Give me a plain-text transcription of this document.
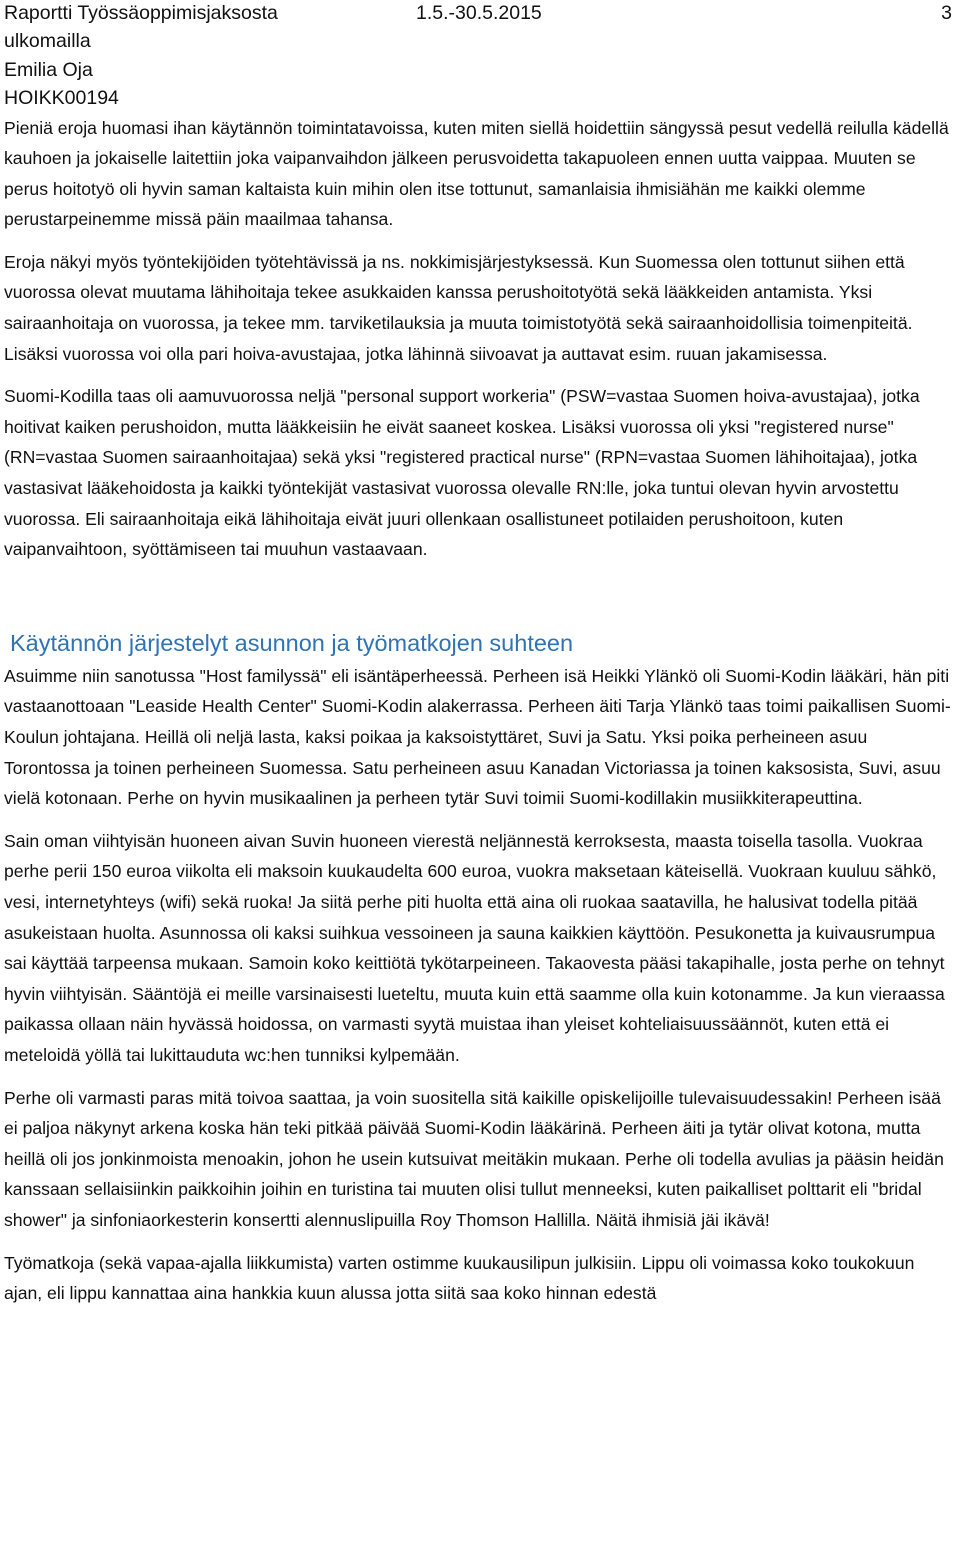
Raportti Työssäoppimisjaksosta	1.5.-30.5.2015	3

ulkomailla

Emilia Oja

HOIKK00194

Pieniä eroja huomasi ihan käytännön toimintatavoissa, kuten miten siellä hoidettiin sängyssä pesut vedellä reilulla kädellä kauhoen ja jokaiselle laitettiin joka vaipanvaihdon jälkeen perusvoidetta takapuoleen ennen uutta vaippaa. Muuten se perus hoitotyö oli hyvin saman kaltaista kuin mihin olen itse tottunut, samanlaisia ihmisiähän me kaikki olemme perustarpeinemme missä päin maailmaa tahansa.

Eroja näkyi myös työntekijöiden työtehtävissä ja ns. nokkimisjärjestyksessä. Kun Suomessa olen tottunut siihen että vuorossa olevat muutama lähihoitaja tekee asukkaiden kanssa perushoitotyötä sekä lääkkeiden antamista. Yksi sairaanhoitaja on vuorossa, ja tekee mm. tarviketilauksia ja muuta toimistotyötä sekä sairaanhoidollisia toimenpiteitä. Lisäksi vuorossa voi olla pari hoiva-avustajaa, jotka lähinnä siivoavat ja auttavat esim. ruuan jakamisessa.

Suomi-Kodilla taas oli aamuvuorossa neljä "personal support workeria" (PSW=vastaa Suomen hoiva-avustajaa), jotka hoitivat kaiken perushoidon, mutta lääkkeisiin he eivät saaneet koskea. Lisäksi vuorossa oli yksi "registered nurse" (RN=vastaa Suomen sairaanhoitajaa) sekä yksi "registered practical nurse" (RPN=vastaa Suomen lähihoitajaa), jotka vastasivat lääkehoidosta ja kaikki työntekijät vastasivat vuorossa olevalle RN:lle, joka tuntui olevan hyvin arvostettu vuorossa. Eli sairaanhoitaja eikä lähihoitaja eivät juuri ollenkaan osallistuneet potilaiden perushoitoon, kuten vaipanvaihtoon, syöttämiseen tai muuhun vastaavaan.

Käytännön järjestelyt asunnon ja työmatkojen suhteen

Asuimme niin sanotussa "Host familyssä" eli isäntäperheessä. Perheen isä Heikki Ylänkö oli Suomi-Kodin lääkäri, hän piti vastaanottoaan "Leaside Health Center" Suomi-Kodin alakerrassa. Perheen äiti Tarja Ylänkö taas toimi paikallisen Suomi-Koulun johtajana. Heillä oli neljä lasta, kaksi poikaa ja kaksoistyttäret, Suvi ja Satu. Yksi poika perheineen asuu Torontossa ja toinen perheineen Suomessa. Satu perheineen asuu Kanadan Victoriassa ja toinen kaksosista, Suvi, asuu vielä kotonaan. Perhe on hyvin musikaalinen ja perheen tytär Suvi toimii Suomi-kodillakin musiikkiterapeuttina.

Sain oman viihtyisän huoneen aivan Suvin huoneen vierestä neljännestä kerroksesta, maasta toisella tasolla. Vuokraa perhe perii 150 euroa viikolta eli maksoin kuukaudelta 600 euroa, vuokra maksetaan käteisellä. Vuokraan kuuluu sähkö, vesi, internetyhteys (wifi) sekä ruoka! Ja siitä perhe piti huolta että aina oli ruokaa saatavilla, he halusivat todella pitää asukeistaan huolta. Asunnossa oli kaksi suihkua vessoineen ja sauna kaikkien käyttöön. Pesukonetta ja kuivausrumpua sai käyttää tarpeensa mukaan. Samoin koko keittiötä tykötarpeineen. Takaovesta pääsi takapihalle, josta perhe on tehnyt hyvin viihtyisän. Sääntöjä ei meille varsinaisesti lueteltu, muuta kuin että saamme olla kuin kotonamme. Ja kun vieraassa paikassa ollaan näin hyvässä hoidossa, on varmasti syytä muistaa ihan yleiset kohteliaisuussäännöt, kuten että ei meteloidä yöllä tai lukittauduta wc:hen tunniksi kylpemään.

Perhe oli varmasti paras mitä toivoa saattaa, ja voin suositella sitä kaikille opiskelijoille tulevaisuudessakin! Perheen isää ei paljoa näkynyt arkena koska hän teki pitkää päivää Suomi-Kodin lääkärinä. Perheen äiti ja tytär olivat kotona, mutta heillä oli jos jonkinmoista menoakin, johon he usein kutsuivat meitäkin mukaan. Perhe oli todella avulias ja pääsin heidän kanssaan sellaisiinkin paikkoihin joihin en turistina tai muuten olisi tullut menneeksi, kuten paikalliset polttarit eli "bridal shower" ja sinfoniaorkesterin konsertti alennuslipuilla Roy Thomson Hallilla. Näitä ihmisiä jäi ikävä!

Työmatkoja (sekä vapaa-ajalla liikkumista) varten ostimme kuukausilipun julkisiin. Lippu oli voimassa koko toukokuun ajan, eli lippu kannattaa aina hankkia kuun alussa jotta siitä saa koko hinnan edestä
